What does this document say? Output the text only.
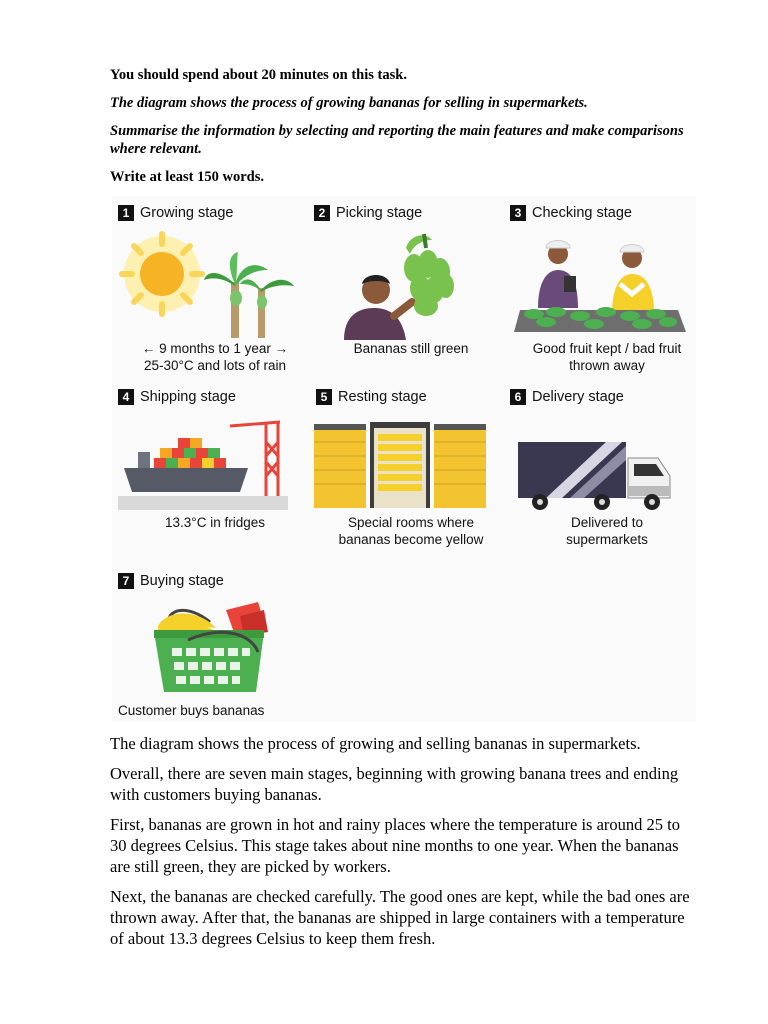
You should spend about 20 minutes on this task.

The diagram shows the process of growing bananas for selling in supermarkets.

Summarise the information by selecting and reporting the main features and make comparisons where relevant.

Write at least 150 words.

1 Growing stage
← 9 months to 1 year →
25-30°C and lots of rain
2 Picking stage
Bananas still green
3 Checking stage
Good fruit kept / bad fruit
thrown away
4 Shipping stage
13.3°C in fridges
5 Resting stage
Special rooms where
bananas become yellow
6 Delivery stage
Delivered to
supermarkets
7 Buying stage
Customer buys bananas

The diagram shows the process of growing and selling bananas in supermarkets.

Overall, there are seven main stages, beginning with growing banana trees and ending with customers buying bananas.

First, bananas are grown in hot and rainy places where the temperature is around 25 to 30 degrees Celsius. This stage takes about nine months to one year. When the bananas are still green, they are picked by workers.

Next, the bananas are checked carefully. The good ones are kept, while the bad ones are thrown away. After that, the bananas are shipped in large containers with a temperature of about 13.3 degrees Celsius to keep them fresh.
